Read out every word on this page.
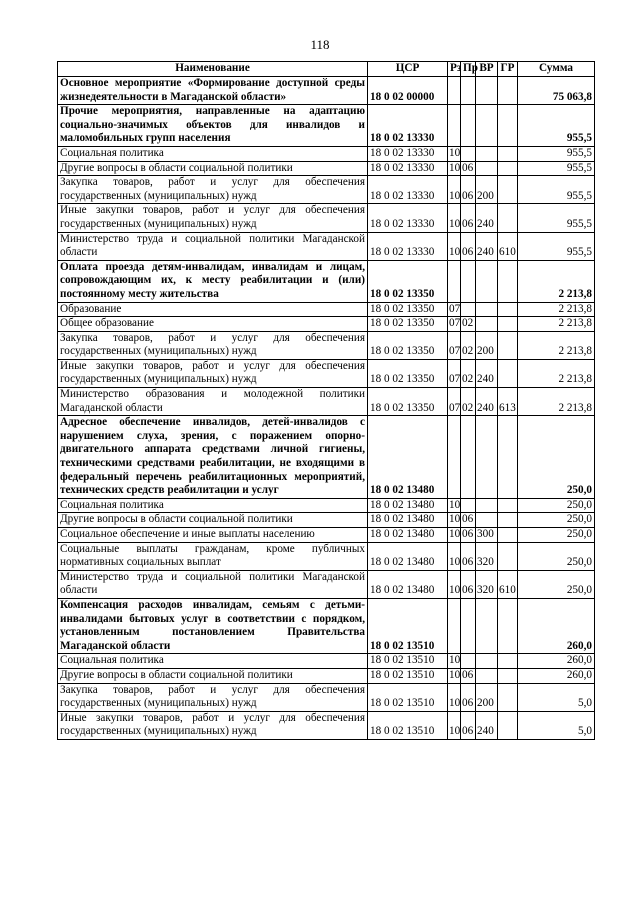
118
Наименование	ЦСР	Рз	Пр	ВР	ГР	Сумма
Основное мероприятие «Формирование доступной среды жизнедеятельности в Магаданской области»	18 0 02 00000					75 063,8
Прочие мероприятия, направленные на адаптацию социально-значимых объектов для инвалидов и маломобильных групп населения	18 0 02 13330					955,5
Социальная политика	18 0 02 13330	10				955,5
Другие вопросы в области социальной политики	18 0 02 13330	10	06			955,5
Закупка товаров, работ и услуг для обеспечения государственных (муниципальных) нужд	18 0 02 13330	10	06	200		955,5
Иные закупки товаров, работ и услуг для обеспечения государственных (муниципальных) нужд	18 0 02 13330	10	06	240		955,5
Министерство труда и социальной политики Магаданской области	18 0 02 13330	10	06	240	610	955,5
Оплата проезда детям-инвалидам, инвалидам и лицам, сопровождающим их, к месту реабилитации и (или) постоянному месту жительства	18 0 02 13350					2 213,8
Образование	18 0 02 13350	07				2 213,8
Общее образование	18 0 02 13350	07	02			2 213,8
Закупка товаров, работ и услуг для обеспечения государственных (муниципальных) нужд	18 0 02 13350	07	02	200		2 213,8
Иные закупки товаров, работ и услуг для обеспечения государственных (муниципальных) нужд	18 0 02 13350	07	02	240		2 213,8
Министерство образования и молодежной политики Магаданской области	18 0 02 13350	07	02	240	613	2 213,8
Адресное обеспечение инвалидов, детей-инвалидов с нарушением слуха, зрения, с поражением опорно-двигательного аппарата средствами личной гигиены, техническими средствами реабилитации, не входящими в федеральный перечень реабилитационных мероприятий, технических средств реабилитации и услуг	18 0 02 13480					250,0
Социальная политика	18 0 02 13480	10				250,0
Другие вопросы в области социальной политики	18 0 02 13480	10	06			250,0
Социальное обеспечение и иные выплаты населению	18 0 02 13480	10	06	300		250,0
Социальные выплаты гражданам, кроме публичных нормативных социальных выплат	18 0 02 13480	10	06	320		250,0
Министерство труда и социальной политики Магаданской области	18 0 02 13480	10	06	320	610	250,0
Компенсация расходов инвалидам, семьям с детьми-инвалидами бытовых услуг в соответствии с порядком, установленным постановлением Правительства Магаданской области	18 0 02 13510					260,0
Социальная политика	18 0 02 13510	10				260,0
Другие вопросы в области социальной политики	18 0 02 13510	10	06			260,0
Закупка товаров, работ и услуг для обеспечения государственных (муниципальных) нужд	18 0 02 13510	10	06	200		5,0
Иные закупки товаров, работ и услуг для обеспечения государственных (муниципальных) нужд	18 0 02 13510	10	06	240		5,0
